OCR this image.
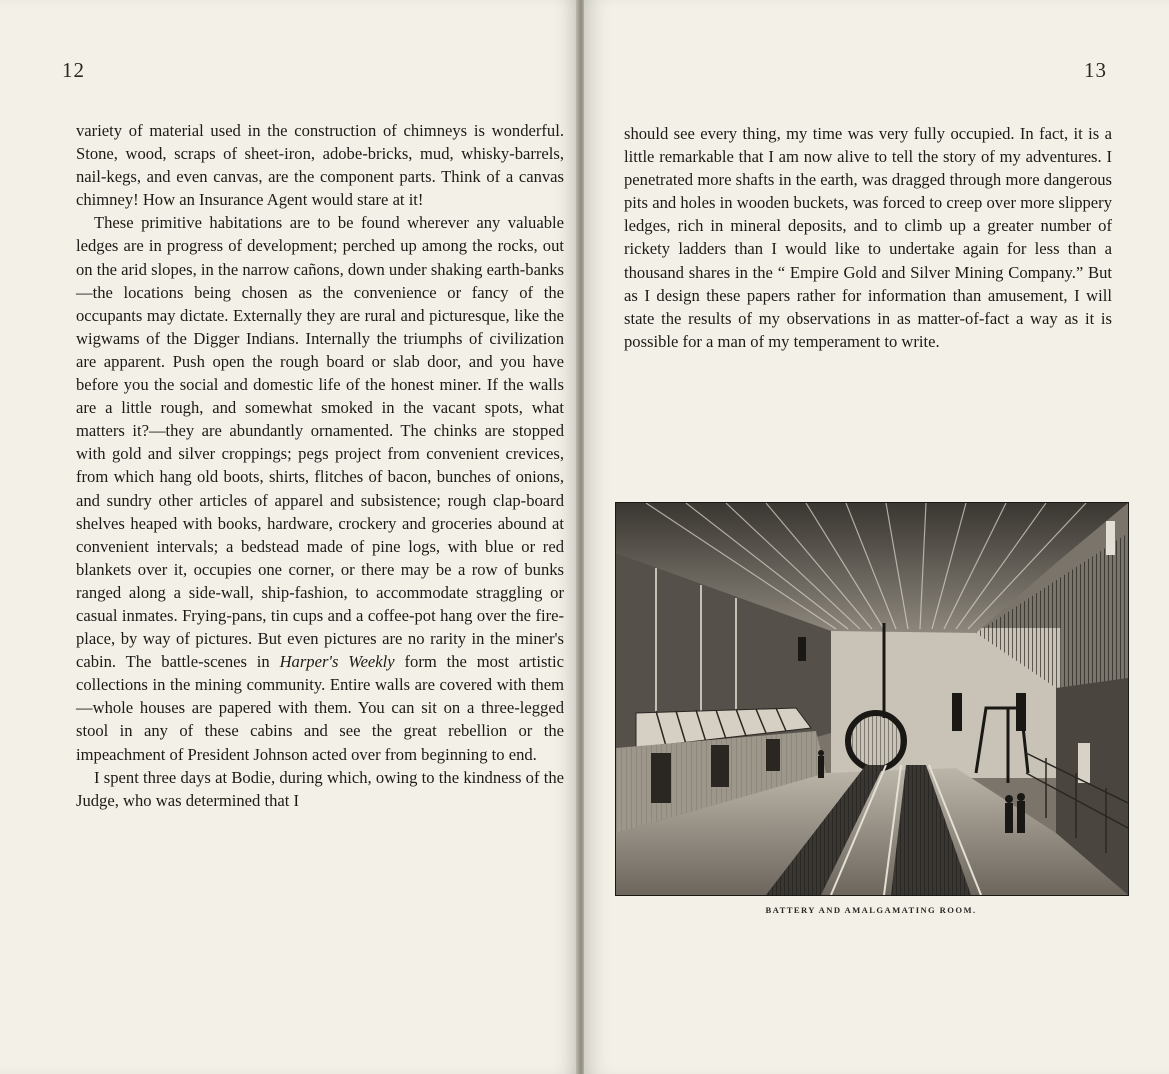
12

variety of material used in the construction of chimneys is wonderful. Stone, wood, scraps of sheet-iron, adobe-bricks, mud, whisky-barrels, nail-kegs, and even canvas, are the component parts. Think of a canvas chimney! How an Insurance Agent would stare at it!

These primitive habitations are to be found wherever any valuable ledges are in progress of development; perched up among the rocks, out on the arid slopes, in the narrow cañons, down under shaking earth-banks—the locations being chosen as the convenience or fancy of the occupants may dictate. Externally they are rural and picturesque, like the wigwams of the Digger Indians. Internally the triumphs of civilization are apparent. Push open the rough board or slab door, and you have before you the social and domestic life of the honest miner. If the walls are a little rough, and somewhat smoked in the vacant spots, what matters it?—they are abundantly ornamented. The chinks are stopped with gold and silver croppings; pegs project from convenient crevices, from which hang old boots, shirts, flitches of bacon, bunches of onions, and sundry other articles of apparel and subsistence; rough clap-board shelves heaped with books, hardware, crockery and groceries abound at convenient intervals; a bedstead made of pine logs, with blue or red blankets over it, occupies one corner, or there may be a row of bunks ranged along a side-wall, ship-fashion, to accommodate straggling or casual inmates. Frying-pans, tin cups and a coffee-pot hang over the fire-place, by way of pictures. But even pictures are no rarity in the miner's cabin. The battle-scenes in Harper's Weekly form the most artistic collections in the mining community. Entire walls are covered with them—whole houses are papered with them. You can sit on a three-legged stool in any of these cabins and see the great rebellion or the impeachment of President Johnson acted over from beginning to end.

I spent three days at Bodie, during which, owing to the kindness of the Judge, who was determined that I

13

should see every thing, my time was very fully occupied. In fact, it is a little remarkable that I am now alive to tell the story of my adventures. I penetrated more shafts in the earth, was dragged through more dangerous pits and holes in wooden buckets, was forced to creep over more slippery ledges, rich in mineral deposits, and to climb up a greater number of rickety ladders than I would like to undertake again for less than a thousand shares in the “ Empire Gold and Silver Mining Company.” But as I design these papers rather for information than amusement, I will state the results of my observations in as matter-of-fact a way as it is possible for a man of my temperament to write.

BATTERY AND AMALGAMATING ROOM.
